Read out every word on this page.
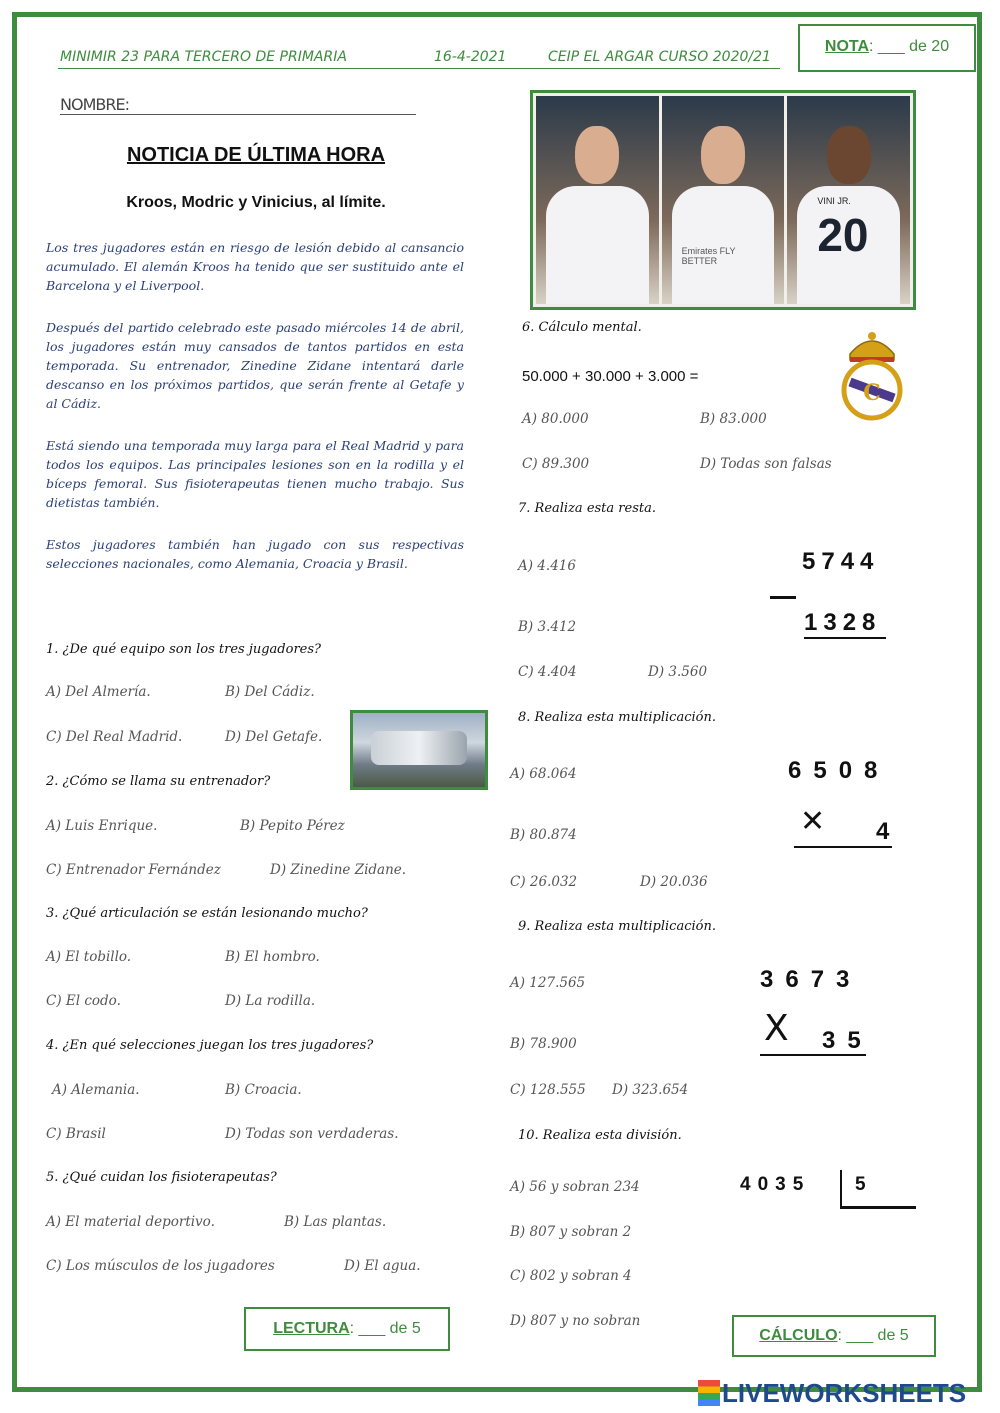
MINIMIR 23 PARA TERCERO DE PRIMARIA	16-4-2021	CEIP EL ARGAR CURSO 2020/21
NOTA: ___ de 20
NOMBRE:
NOTICIA DE ÚLTIMA HORA
Kroos, Modric y Vinicius, al límite.
Los tres jugadores están en riesgo de lesión debido al cansancio acumulado. El alemán Kroos ha tenido que ser sustituido ante el Barcelona y el Liverpool.
Después del partido celebrado este pasado miércoles 14 de abril, los jugadores están muy cansados de tantos partidos en esta temporada. Su entrenador, Zinedine Zidane intentará darle descanso en los próximos partidos, que serán frente al Getafe y al Cádiz.
Está siendo una temporada muy larga para el Real Madrid y para todos los equipos. Las principales lesiones son en la rodilla y el bíceps femoral. Sus fisioterapeutas tienen mucho trabajo. Sus dietistas también.
Estos jugadores también han jugado con sus respectivas selecciones nacionales, como Alemania, Croacia y Brasil.
Emirates FLY BETTER
VINI JR.
20
C
1. ¿De qué equipo son los tres jugadores?
A) Del Almería.	B) Del Cádiz.
C) Del Real Madrid.	D) Del Getafe.
2. ¿Cómo se llama su entrenador?
A) Luis Enrique.	B) Pepito Pérez
C) Entrenador Fernández	D) Zinedine Zidane.
3. ¿Qué articulación se están lesionando mucho?
A) El tobillo.	B) El hombro.
C) El codo.	D) La rodilla.
4. ¿En qué selecciones juegan los tres jugadores?
A) Alemania.	B) Croacia.
C) Brasil	D) Todas son verdaderas.
5. ¿Qué cuidan los fisioterapeutas?
A) El material deportivo.	B) Las plantas.
C) Los músculos de los jugadores	D) El agua.
LECTURA: ___ de 5
6. Cálculo mental.
50.000 + 30.000 + 3.000 =
A) 80.000	B) 83.000
C) 89.300	D) Todas son falsas
7. Realiza esta resta.
A) 4.416	5744
B) 3.412	1328
C) 4.404	D) 3.560
8. Realiza esta multiplicación.
A) 68.064	6508
✕
B) 80.874	4
C) 26.032	D) 20.036
9. Realiza esta multiplicación.
A) 127.565	3673
X
B) 78.900	35
C) 128.555 D) 323.654
10. Realiza esta división.
A) 56 y sobran 234	4035 5
B) 807 y sobran 2
C) 802 y sobran 4
D) 807 y no sobran
CÁLCULO: ___ de 5
LIVEWORKSHEETS
